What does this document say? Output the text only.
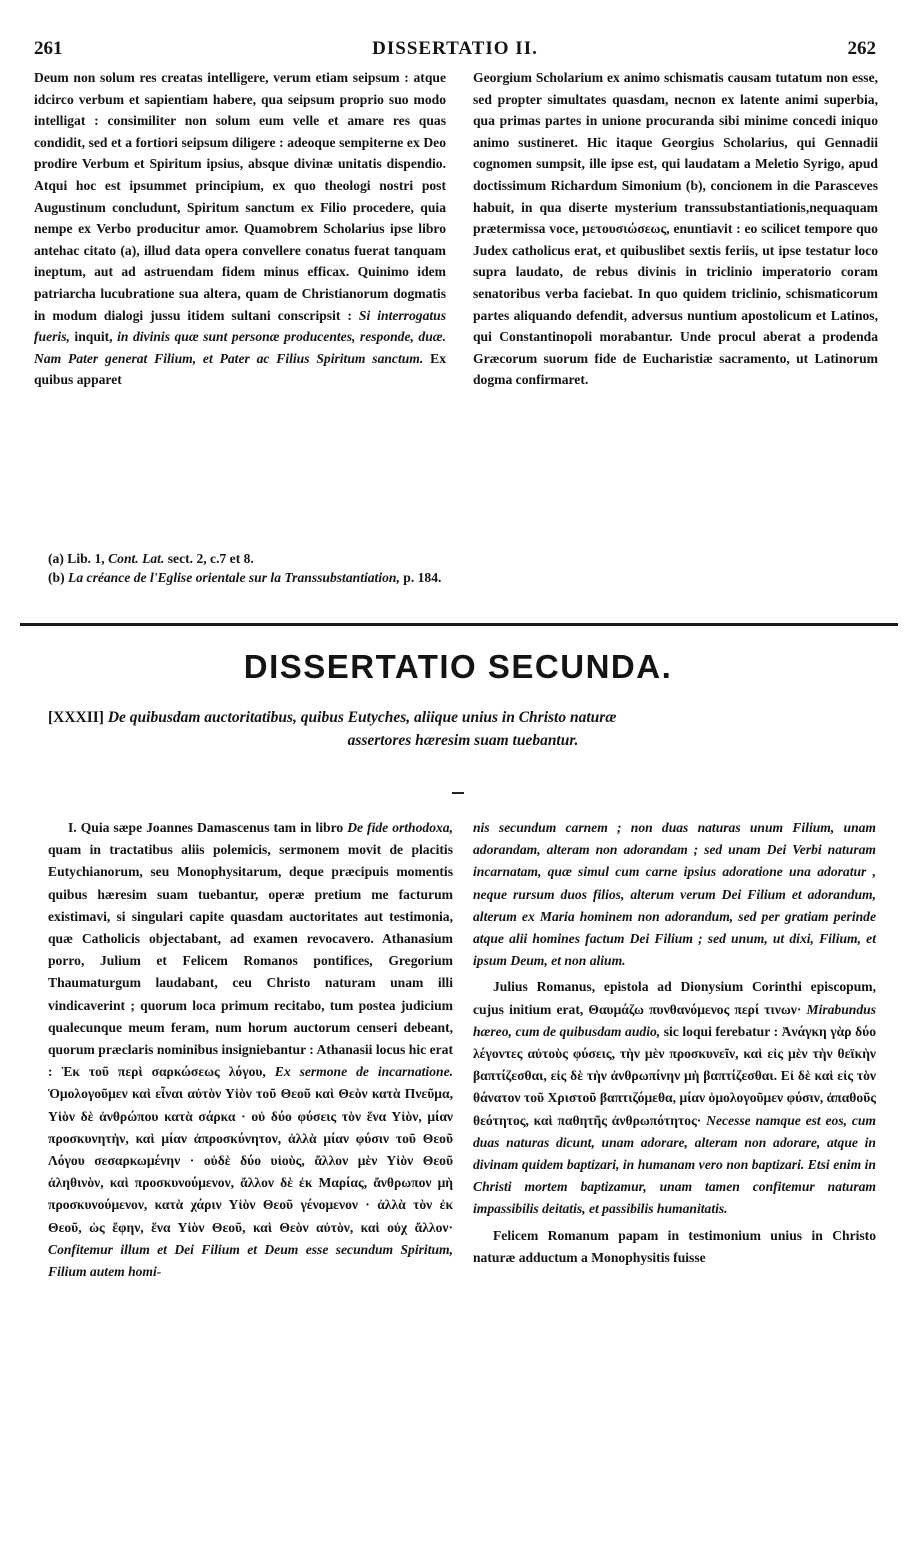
261	DISSERTATIO II.	262

Deum non solum res creatas intelligere, verum etiam seipsum : atque idcirco verbum et sapientiam habere, qua seipsum proprio suo modo intelligat : consimiliter non solum eum velle et amare res quas condidit, sed et a fortiori seipsum diligere : adeoque sempiterne ex Deo prodire Verbum et Spiritum ipsius, absque divinæ unitatis dispendio. Atqui hoc est ipsummet principium, ex quo theologi nostri post Augustinum concludunt, Spiritum sanctum ex Filio procedere, quia nempe ex Verbo producitur amor. Quamobrem Scholarius ipse libro antehac citato (a), illud data opera convellere conatus fuerat tanquam ineptum, aut ad astruendam fidem minus efficax. Quinimo idem patriarcha lucubratione sua altera, quam de Christianorum dogmatis in modum dialogi jussu itidem sultani conscripsit : Si interrogatus fueris, inquit, in divinis quæ sunt personæ producentes, responde, duæ. Nam Pater generat Filium, et Pater ac Filius Spiritum sanctum. Ex quibus apparet

Georgium Scholarium ex animo schismatis causam tutatum non esse, sed propter simultates quasdam, necnon ex latente animi superbia, qua primas partes in unione procuranda sibi minime concedi iniquo animo sustineret. Hic itaque Georgius Scholarius, qui Gennadii cognomen sumpsit, ille ipse est, qui laudatam a Meletio Syrigo, apud doctissimum Richardum Simonium (b), concionem in die Parasceves habuit, in qua diserte mysterium transsubstantiationis,nequaquam prætermissa voce, μετουσιώσεως, enuntiavit : eo scilicet tempore quo Judex catholicus erat, et quibuslibet sextis feriis, ut ipse testatur loco supra laudato, de rebus divinis in triclinio imperatorio coram senatoribus verba faciebat. In quo quidem triclinio, schismaticorum partes aliquando defendit, adversus nuntium apostolicum et Latinos, qui Constantinopoli morabantur. Unde procul aberat a prodenda Græcorum suorum fide de Eucharistiæ sacramento, ut Latinorum dogma confirmaret.

(a) Lib. 1, Cont. Lat. sect. 2, c.7 et 8.
(b) La créance de l'Eglise orientale sur la Transsubstantiation, p. 184.
DISSERTATIO SECUNDA.
[XXXII] De quibusdam auctoritatibus, quibus Eutyches, aliique unius in Christo naturæ
assertores hæresim suam tuebantur.

I. Quia sæpe Joannes Damascenus tam in libro De fide orthodoxa, quam in tractatibus aliis polemicis, sermonem movit de placitis Eutychianorum, seu Monophysitarum, deque præcipuis momentis quibus hæresim suam tuebantur, operæ pretium me facturum existimavi, si singulari capite quasdam auctoritates aut testimonia, quæ Catholicis objectabant, ad examen revocavero. Athanasium porro, Julium et Felicem Romanos pontifices, Gregorium Thaumaturgum laudabant, ceu Christo naturam unam illi vindicaverint ; quorum loca primum recitabo, tum postea judicium qualecunque meum feram, num horum auctorum censeri debeant, quorum præclaris nominibus insigniebantur : Athanasii locus hic erat : Ἐκ τοῦ περὶ σαρκώσεως λόγου, Ex sermone de incarnatione. Ὁμολογοῦμεν καὶ εἶναι αὐτὸν Υἱὸν τοῦ Θεοῦ καὶ Θεὸν κατὰ Πνεῦμα, Υἱὸν δὲ ἀνθρώπου κατὰ σάρκα · οὐ δύο φύσεις τὸν ἕνα Υἱὸν, μίαν προσκυνητὴν, καὶ μίαν ἀπροσκύνητον, ἀλλὰ μίαν φύσιν τοῦ Θεοῦ Λόγου σεσαρκωμένην · οὐδὲ δύο υἱοὺς, ἄλλον μὲν Υἱὸν Θεοῦ ἀληθινὸν, καὶ προσκυνούμενον, ἄλλον δὲ ἐκ Μαρίας, ἄνθρωπον μὴ προσκυνούμενον, κατὰ χάριν Υἱὸν Θεοῦ γένομενον · ἀλλὰ τὸν ἐκ Θεοῦ, ὡς ἔφην, ἕνα Υἱὸν Θεοῦ, καὶ Θεὸν αὐτὸν, καὶ οὐχ ἄλλον· Confitemur illum et Dei Filium et Deum esse secundum Spiritum, Filium autem homi-

nis secundum carnem ; non duas naturas unum Filium, unam adorandam, alteram non adorandam ; sed unam Dei Verbi naturam incarnatam, quæ simul cum carne ipsius adoratione una adoratur , neque rursum duos filios, alterum verum Dei Filium et adorandum, alterum ex Maria hominem non adorandum, sed per gratiam perinde atque alii homines factum Dei Filium ; sed unum, ut dixi, Filium, et ipsum Deum, et non alium.

Julius Romanus, epistola ad Dionysium Corinthi episcopum, cujus initium erat, Θαυμάζω πυνθανόμενος περί τινων· Mirabundus hæreo, cum de quibusdam audio, sic loqui ferebatur : Ἀνάγκη γὰρ δύο λέγοντες αὐτοὺς φύσεις, τὴν μὲν προσκυνεῖν, καὶ εἰς μὲν τὴν θεϊκὴν βαπτίζεσθαι, εἰς δὲ τὴν ἀνθρωπίνην μὴ βαπτίζεσθαι. Εἰ δὲ καὶ εἰς τὸν θάνατον τοῦ Χριστοῦ βαπτιζόμεθα, μίαν ὁμολογοῦμεν φύσιν, ἀπαθοῦς θεότητος, καὶ παθητῆς ἀνθρωπότητος· Necesse namque est eos, cum duas naturas dicunt, unam adorare, alteram non adorare, atque in divinam quidem baptizari, in humanam vero non baptizari. Etsi enim in Christi mortem baptizamur, unam tamen confitemur naturam impassibilis deitatis, et passibilis humanitatis.

Felicem Romanum papam in testimonium unius in Christo naturæ adductum a Monophysitis fuisse
